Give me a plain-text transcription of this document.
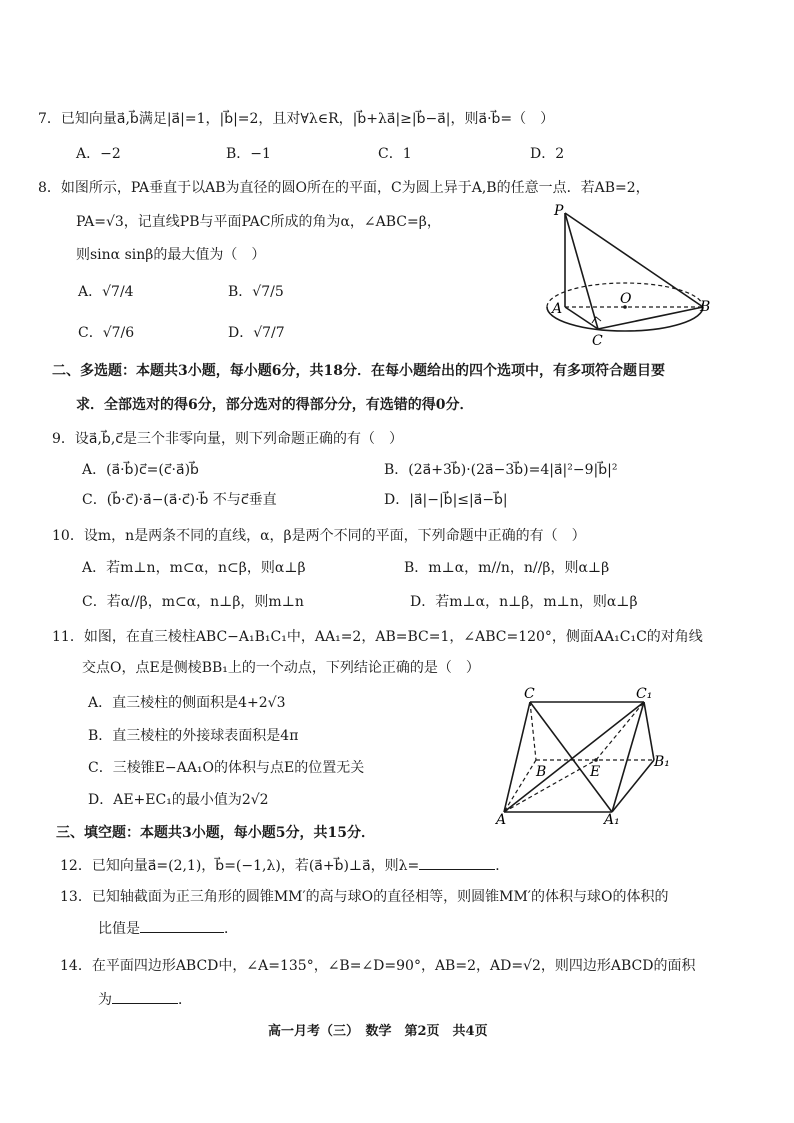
7．已知向量a⃗,b⃗满足|a⃗|=1，|b⃗|=2，且对∀λ∈R，|b⃗+λa⃗|≥|b⃗−a⃗|，则a⃗·b⃗=（　）
A．−2	B．−1	C．1	D．2
8．如图所示，PA垂直于以AB为直径的圆O所在的平面，C为圆上异于A,B的任意一点．若AB=2，
PA=√3，记直线PB与平面PAC所成的角为α，∠ABC=β，
则sinα sinβ的最大值为（　）
A．√7/4	B．√7/5
C．√7/6	D．√7/7
P
A
O	B
C
二、多选题：本题共3小题，每小题6分，共18分．在每小题给出的四个选项中，有多项符合题目要
求．全部选对的得6分，部分选对的得部分分，有选错的得0分．
9．设a⃗,b⃗,c⃗是三个非零向量，则下列命题正确的有（　）
A．(a⃗·b⃗)c⃗=(c⃗·a⃗)b⃗	B．(2a⃗+3b⃗)·(2a⃗−3b⃗)=4|a⃗|²−9|b⃗|²
C．(b⃗·c⃗)·a⃗−(a⃗·c⃗)·b⃗ 不与c⃗垂直	D．|a⃗|−|b⃗|≤|a⃗−b⃗|
10．设m，n是两条不同的直线，α，β是两个不同的平面，下列命题中正确的有（　）
A．若m⊥n，m⊂α，n⊂β，则α⊥β	B．m⊥α，m//n，n//β，则α⊥β
C．若α//β，m⊂α，n⊥β，则m⊥n	D．若m⊥α，n⊥β，m⊥n，则α⊥β
11．如图，在直三棱柱ABC−A₁B₁C₁中，AA₁=2，AB=BC=1，∠ABC=120°，侧面AA₁C₁C的对角线
交点O，点E是侧棱BB₁上的一个动点，下列结论正确的是（　）
A．直三棱柱的侧面积是4+2√3
B．直三棱柱的外接球表面积是4π
C．三棱锥E−AA₁O的体积与点E的位置无关
D．AE+EC₁的最小值为2√2
C	C₁
B	E
B₁
A	A₁
三、填空题：本题共3小题，每小题5分，共15分．
12．已知向量a⃗=(2,1)，b⃗=(−1,λ)，若(a⃗+b⃗)⊥a⃗，则λ=	．
13．已知轴截面为正三角形的圆锥MM′的高与球O的直径相等，则圆锥MM′的体积与球O的体积的
比值是	．
14．在平面四边形ABCD中，∠A=135°，∠B=∠D=90°，AB=2，AD=√2，则四边形ABCD的面积
为	．
高一月考（三）　数学　第2页　共4页
